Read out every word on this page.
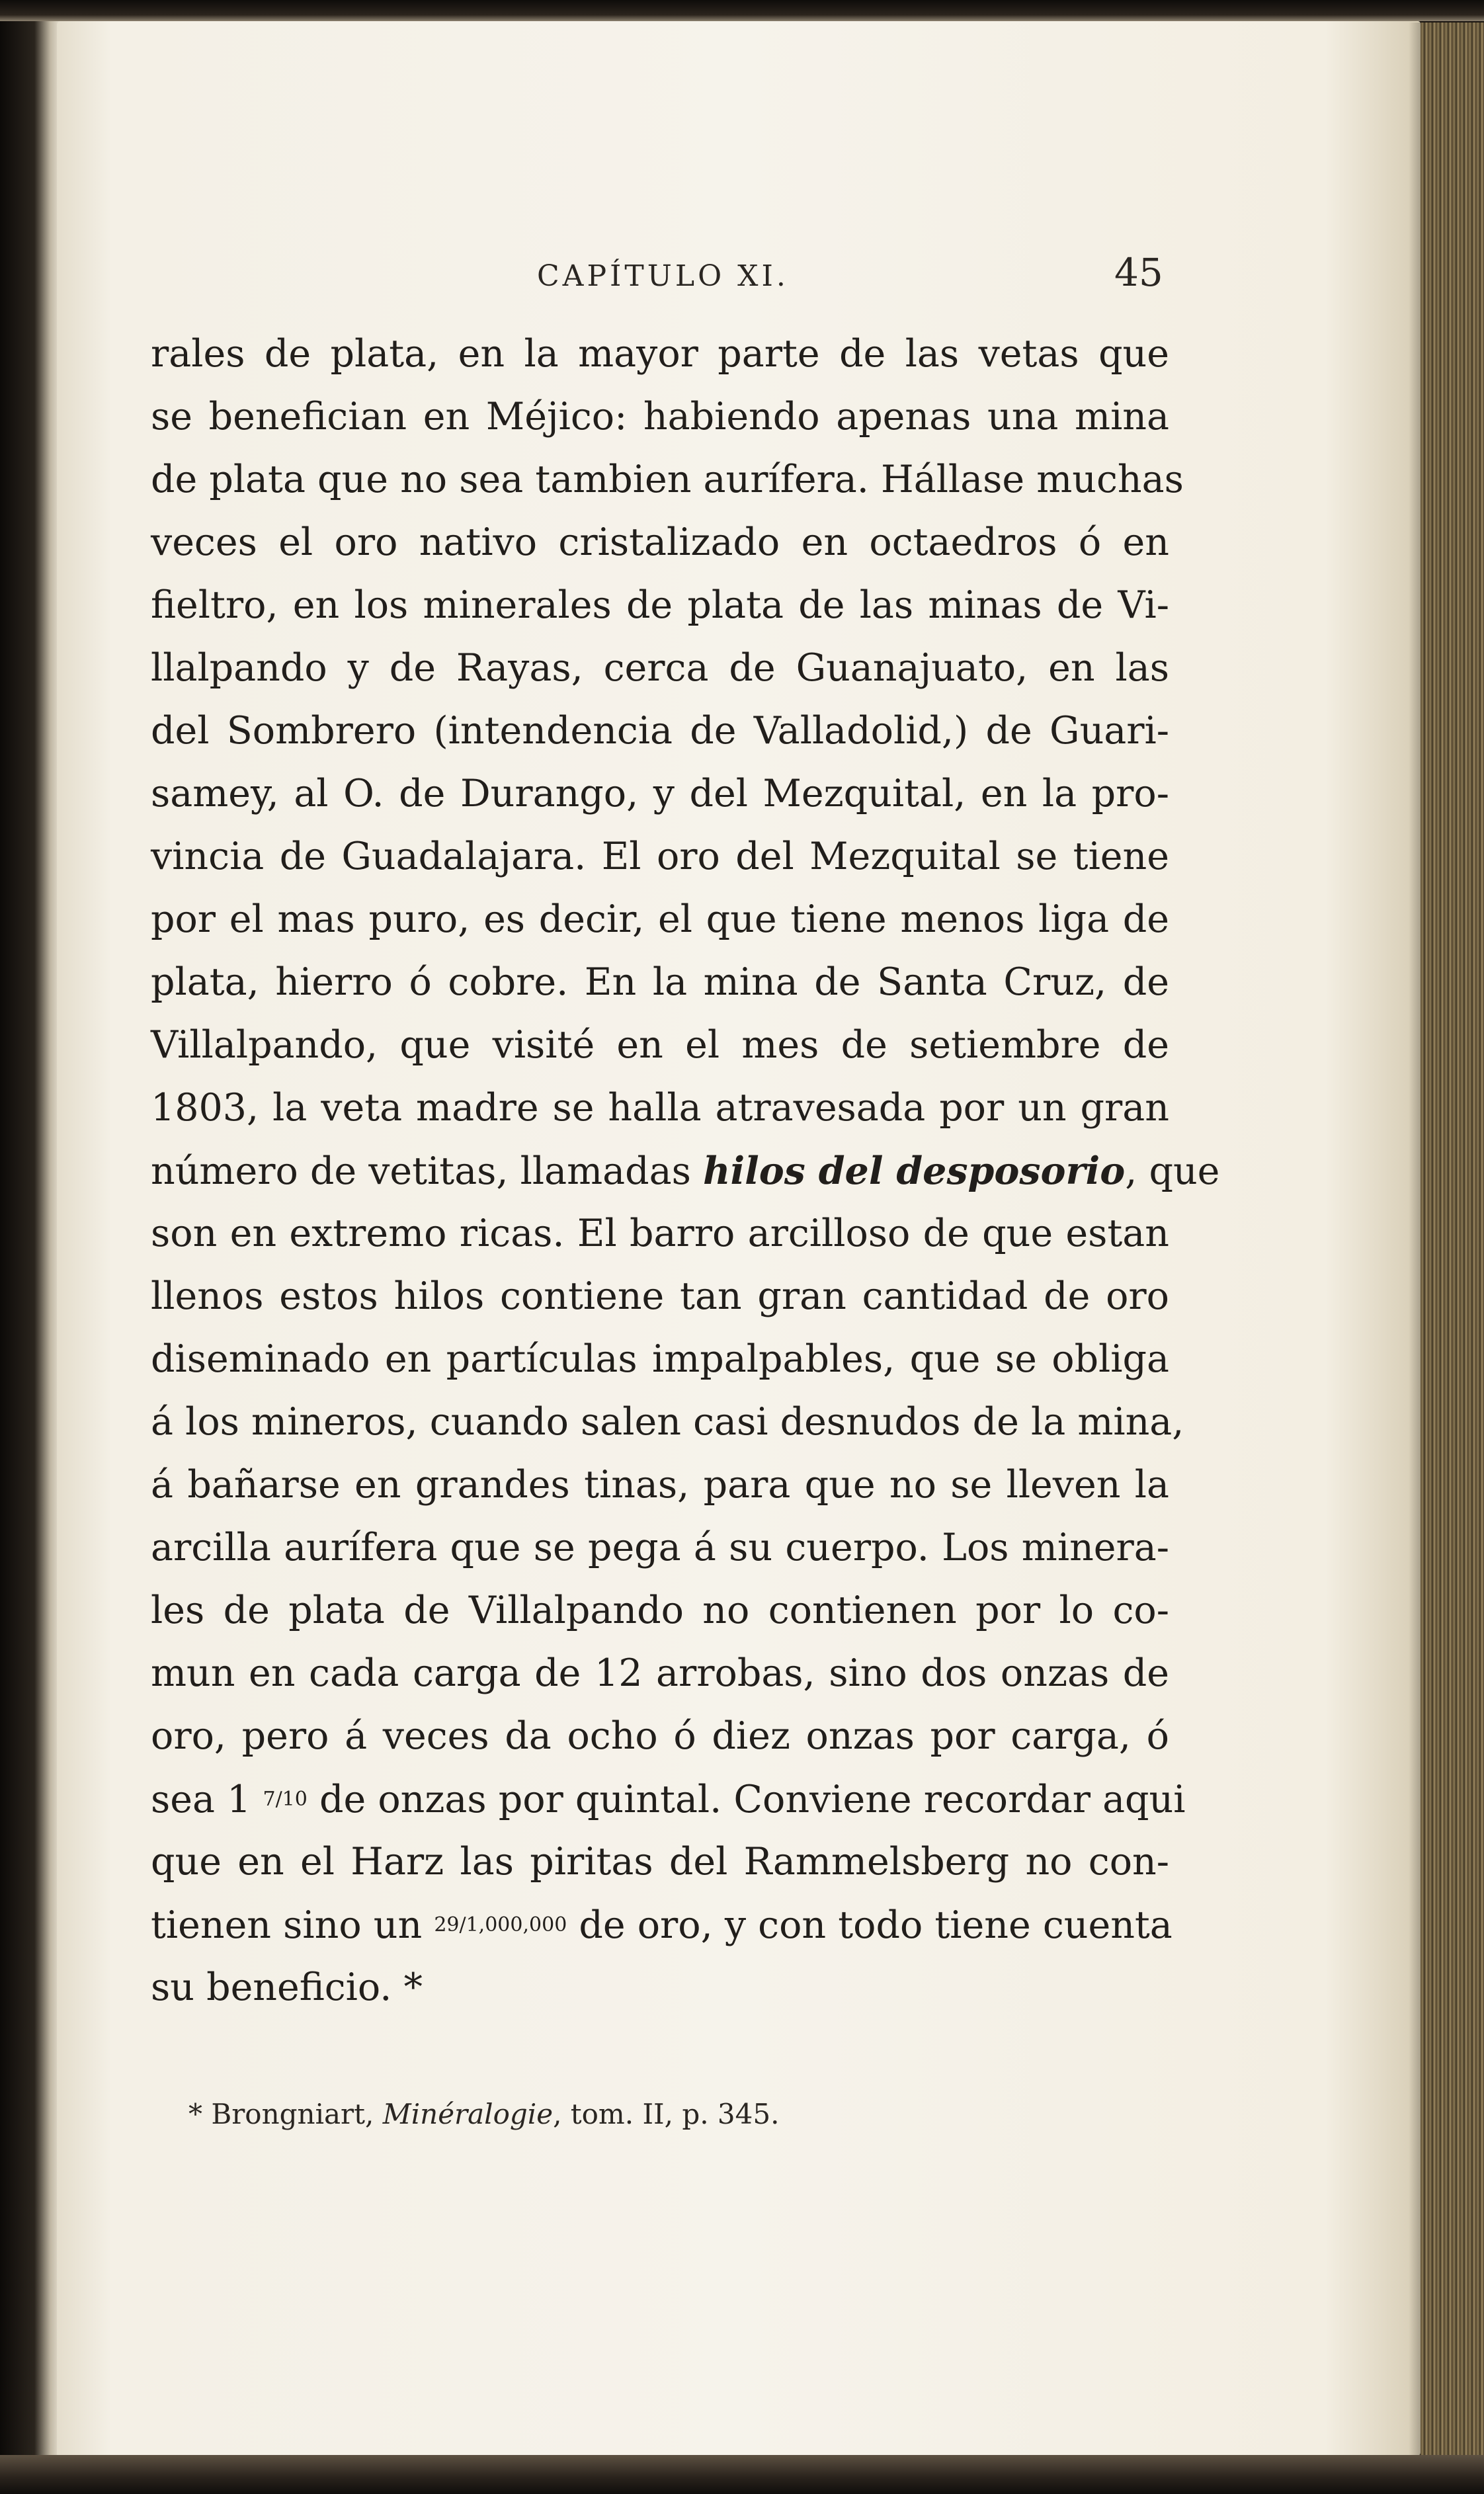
CAPÍTULO XI.	45
rales de plata, en la mayor parte de las vetas que
se benefician en Méjico: habiendo apenas una mina
de plata que no sea tambien aurífera. Hállase muchas
veces el oro nativo cristalizado en octaedros ó en
fieltro, en los minerales de plata de las minas de Vi-
llalpando y de Rayas, cerca de Guanajuato, en las
del Sombrero (intendencia de Valladolid,) de Guari-
samey, al O. de Durango, y del Mezquital, en la pro-
vincia de Guadalajara. El oro del Mezquital se tiene
por el mas puro, es decir, el que tiene menos liga de
plata, hierro ó cobre. En la mina de Santa Cruz, de
Villalpando, que visité en el mes de setiembre de
1803, la veta madre se halla atravesada por un gran
número de vetitas, llamadas hilos del desposorio, que
son en extremo ricas. El barro arcilloso de que estan
llenos estos hilos contiene tan gran cantidad de oro
diseminado en partículas impalpables, que se obliga
á los mineros, cuando salen casi desnudos de la mina,
á bañarse en grandes tinas, para que no se lleven la
arcilla aurífera que se pega á su cuerpo. Los minera-
les de plata de Villalpando no contienen por lo co-
mun en cada carga de 12 arrobas, sino dos onzas de
oro, pero á veces da ocho ó diez onzas por carga, ó
sea 1 7/10 de onzas por quintal. Conviene recordar aqui
que en el Harz las piritas del Rammelsberg no con-
tienen sino un 29/1,000,000 de oro, y con todo tiene cuenta
su beneficio. *
* Brongniart, Minéralogie, tom. II, p. 345.
